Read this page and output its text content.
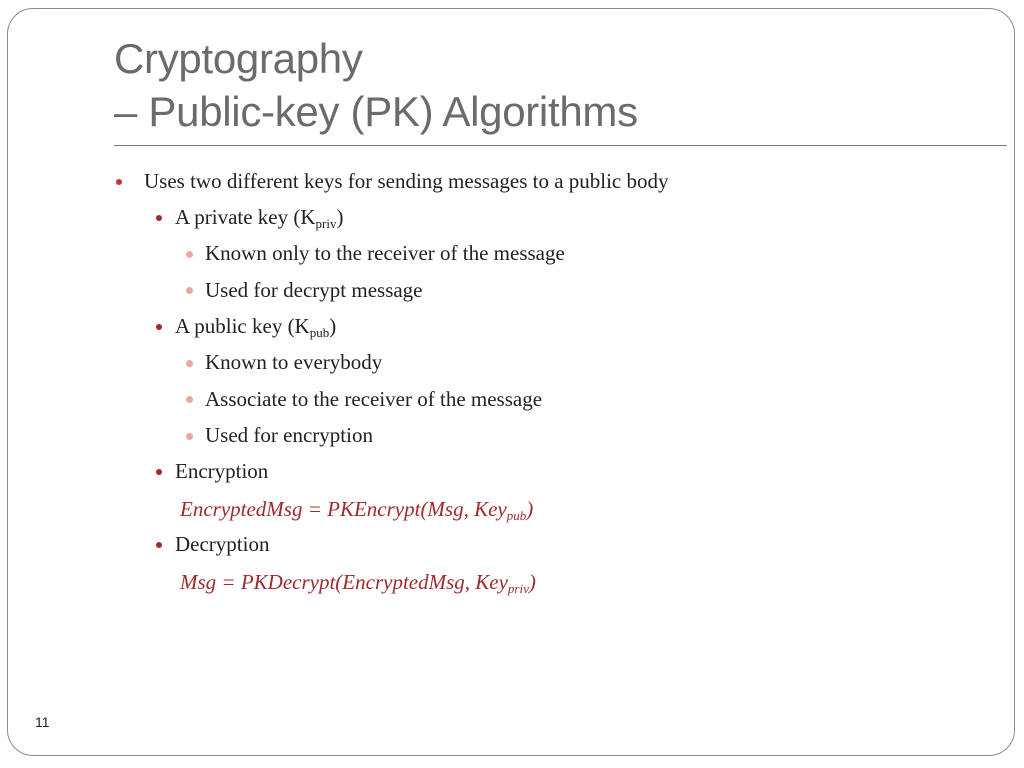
Cryptography
– Public-key (PK) Algorithms
Uses two different keys for sending messages to a public body
A private key $(K_{priv})$
Known only to the receiver of the message
Used for decrypt message
A public key $(K_{pub})$
Known to everybody
Associate to the receiver of the message
Used for encryption
Encryption
EncryptedMsg = PKEncrypt(Msg, Key$_{pub}$)
Decryption
Msg = PKDecrypt(EncryptedMsg, Key$_{priv}$)
11
